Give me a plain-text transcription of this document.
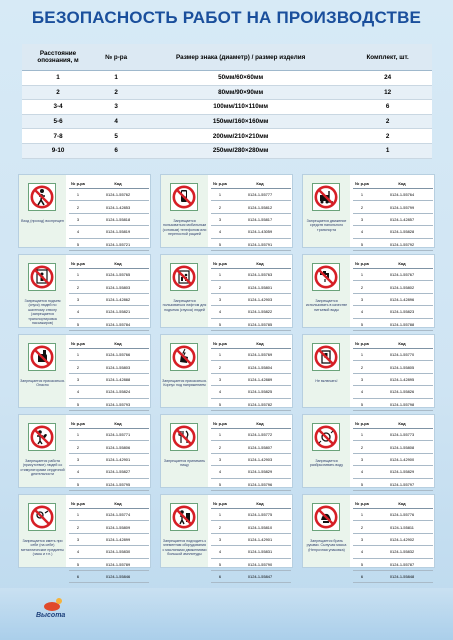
БЕЗОПАСНОСТЬ РАБОТ НА ПРОИЗВОДСТВЕ
Расстояние опознания, м	№ р-ра	Размер знака (диаметр) / размер изделия	Комплект, шт.
1	1	50мм/60×60мм	24
2	2	80мм/90×90мм	12
3-4	3	100мм/110×110мм	6
5-6	4	150мм/160×160мм	2
7-8	5	200мм/210×210мм	2
9-10	6	250мм/280×280мм	1
Вход (проход) воспрещен
№ р-ра	Код
1	0124-1-55762
2	0124-1-42853
3	0124-1-55818
4	0124-1-55819
5	0124-1-55721

Запрещается пользоваться мобильным (сотовым) телефоном или переносной рацией
№ р-ра	Код
1	0124-1-55777
2	0124-1-55812
3	0124-1-55817
4	0124-1-43059
5	0124-1-55791

Запрещается движение средств напольного транспорта
№ р-ра	Код
1	0124-1-55764
2	0124-1-55799
3	0124-1-42857
4	0124-1-55828
5	0124-1-55792

Запрещается подъем (спуск) людей по шахтному стволу (запрещается транспортировка пассажиров)
№ р-ра	Код
1	0124-1-55765
2	0124-1-55803
3	0124-1-42862
4	0124-1-55821
5	0124-1-55784

Запрещается пользоваться лифтом для подъема (спуска) людей
№ р-ра	Код
1	0124-1-55763
2	0124-1-55801
3	0124-1-42903
4	0124-1-55822
5	0124-1-55785

Запрещается использовать в качестве питьевой воды
№ р-ра	Код
1	0124-1-55767
2	0124-1-55802
3	0124-1-42896
4	0124-1-55823
5	0124-1-55788

Запрещается прикасаться. Опасно
№ р-ра	Код
1	0124-1-55766
2	0124-1-55803
3	0124-1-42888
4	0124-1-55824
5	0124-1-55793

Запрещается прикасаться. Корпус под напряжением
№ р-ра	Код
1	0124-1-55769
2	0124-1-55804
3	0124-1-42889
4	0124-1-55825
5	0124-1-55782

Не включать!
№ р-ра	Код
1	0124-1-55770
2	0124-1-55805
3	0124-1-42895
4	0124-1-55826
5	0124-1-55798

Запрещается работа (присутствие) людей со стимуляторами сердечной деятельности
№ р-ра	Код
1	0124-1-55771
2	0124-1-55806
3	0124-1-42901
4	0124-1-55827
5	0124-1-55795

Запрещается принимать пищу
№ р-ра	Код
1	0124-1-55772
2	0124-1-55807
3	0124-1-42903
4	0124-1-55829
5	0124-1-55796

Запрещается разбрызгивать воду
№ р-ра	Код
1	0124-1-55773
2	0124-1-55808
3	0124-1-42900
4	0124-1-55829
5	0124-1-55797

Запрещается иметь при себе (на себе) металлические предметы (часы и т.п.)
№ р-ра	Код
1	0124-1-55774
2	0124-1-55809
3	0124-1-42899
4	0124-1-55830
5	0124-1-55789
6	0124-1-55846
Запрещается подходить к элементам оборудования с масляными движениями большой амплитуды
№ р-ра	Код
1	0124-1-55775
2	0124-1-55810
3	0124-1-42901
4	0124-1-55831
5	0124-1-55790
6	0124-1-55847
Запрещается брать руками. Сыпучая масса (Непрочная упаковка)
№ р-ра	Код
1	0124-1-55776
2	0124-1-55811
3	0124-1-42902
4	0124-1-55832
5	0124-1-55787
6	0124-1-55848
Высота
